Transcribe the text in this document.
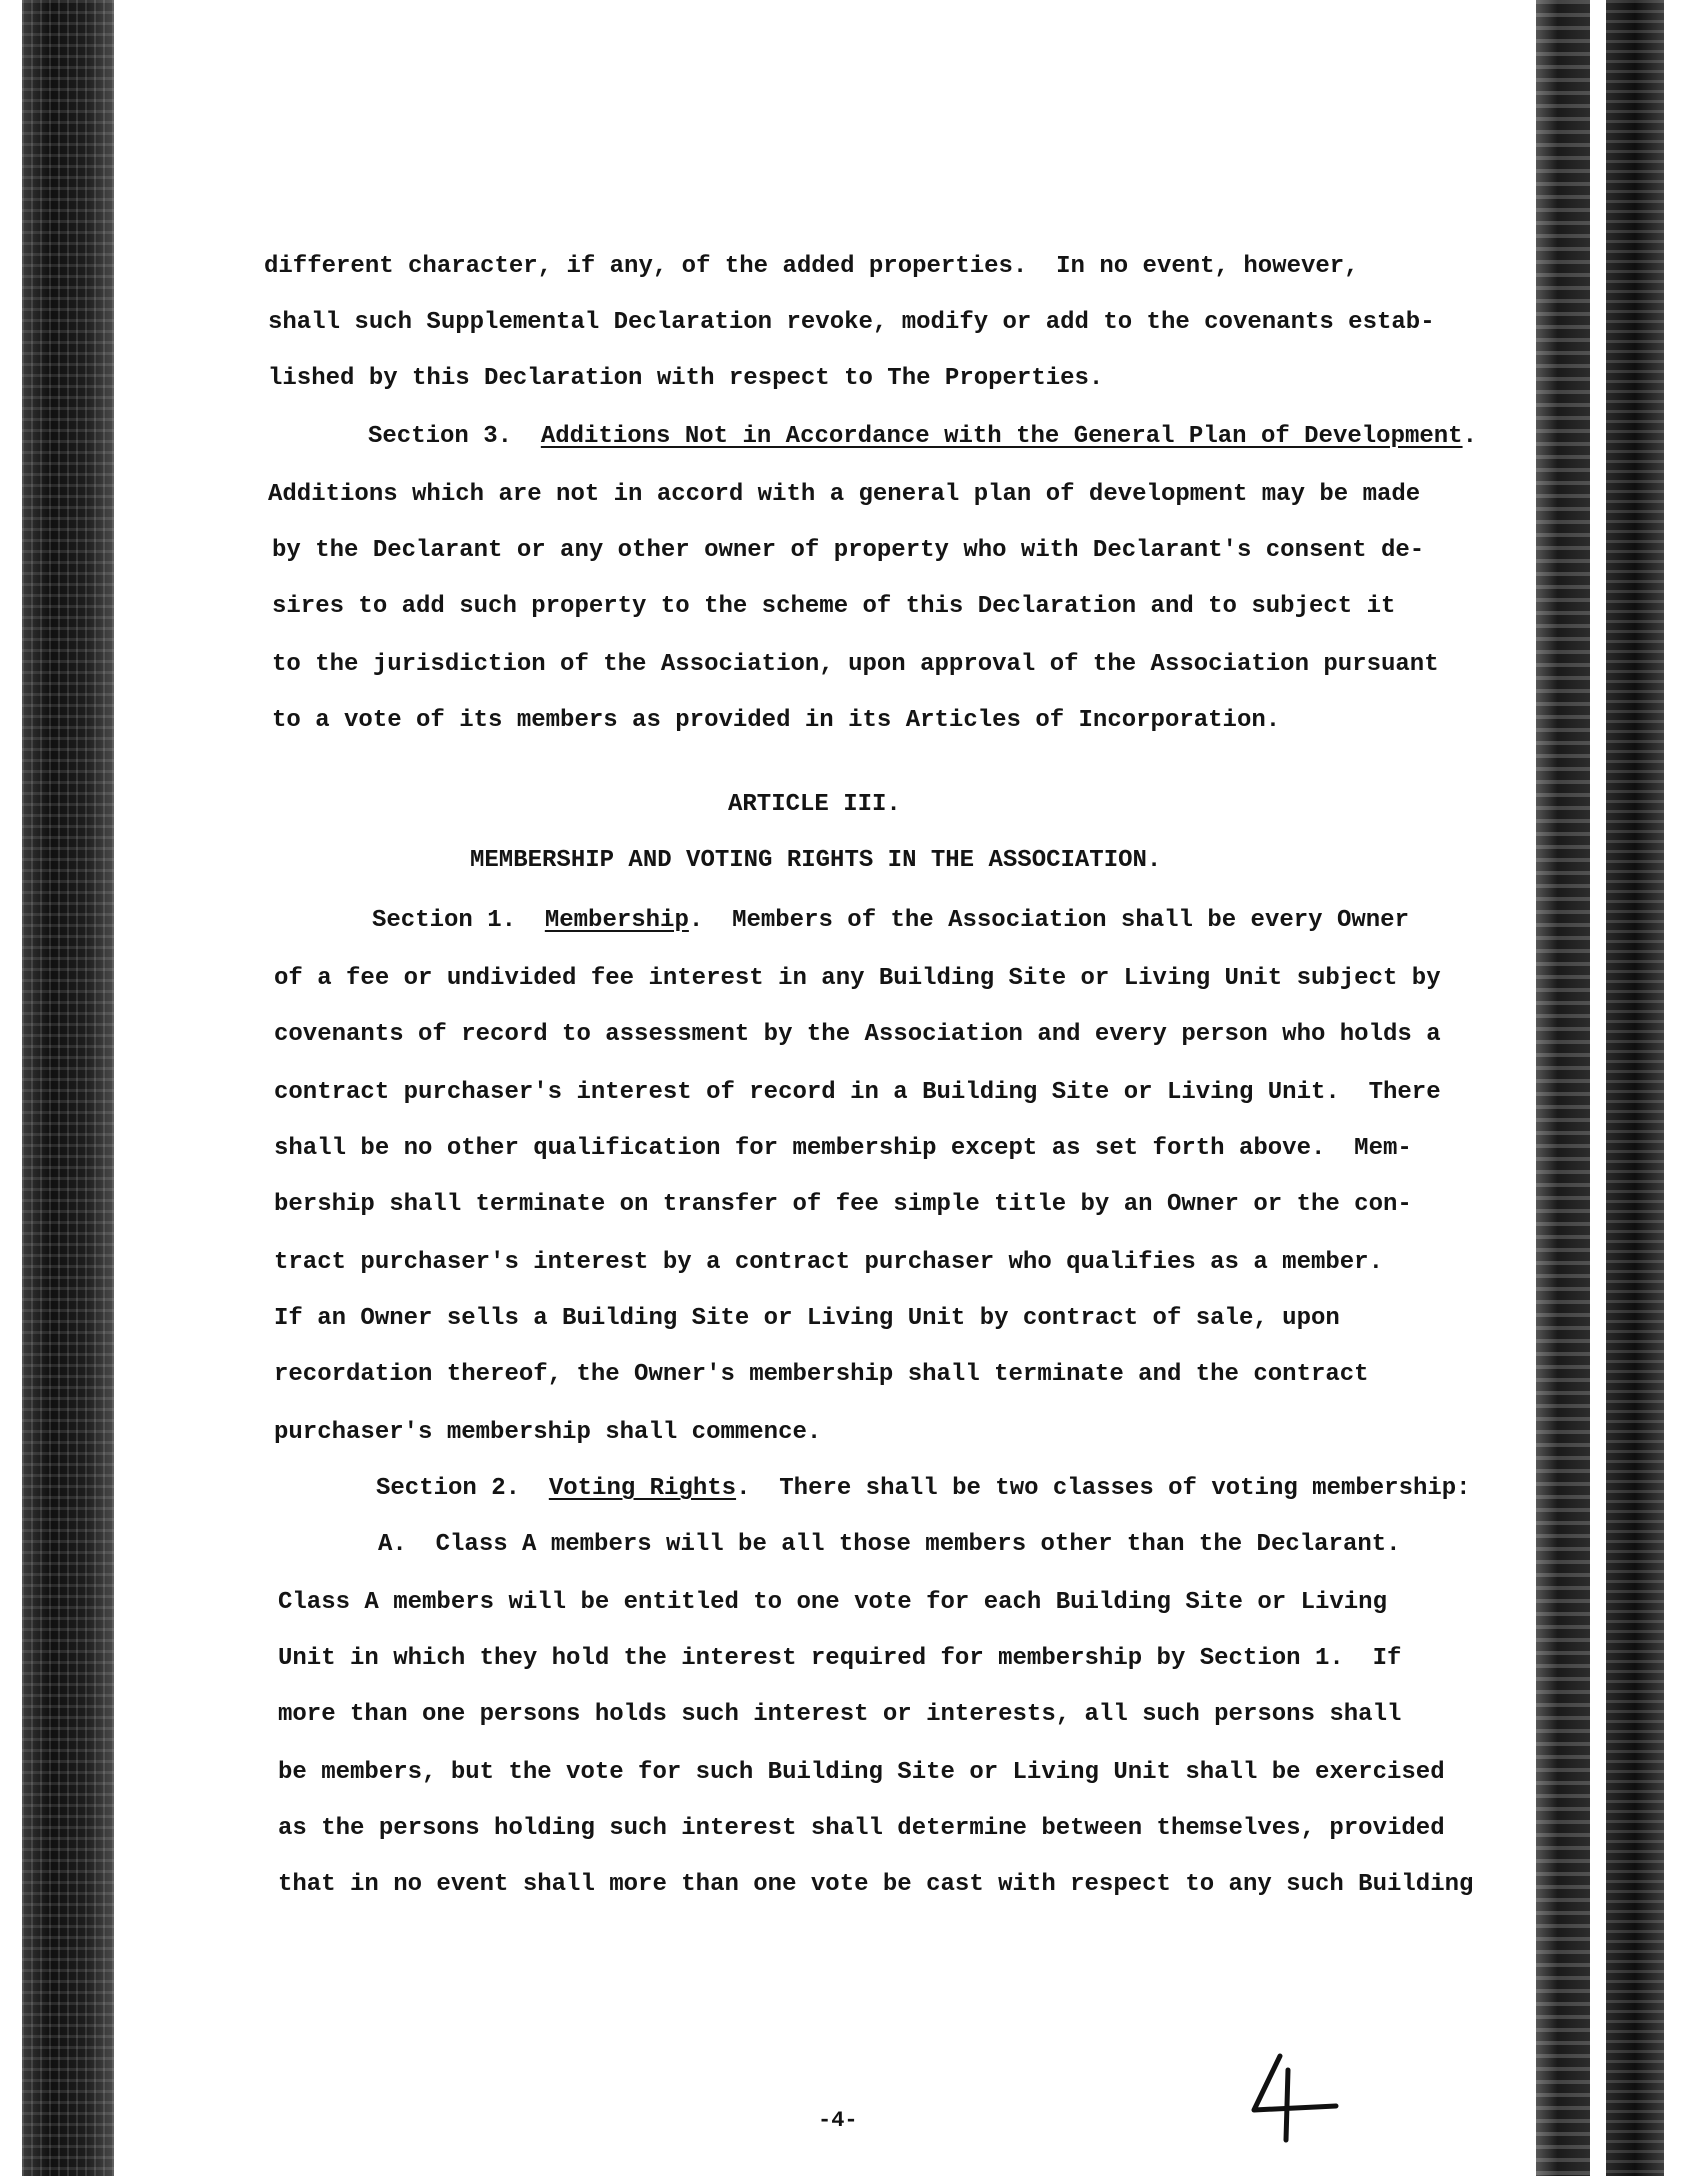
different character, if any, of the added properties.  In no event, however,
shall such Supplemental Declaration revoke, modify or add to the covenants estab-
lished by this Declaration with respect to The Properties.
Section 3.  Additions Not in Accordance with the General Plan of Development.
Additions which are not in accord with a general plan of development may be made
by the Declarant or any other owner of property who with Declarant's consent de-
sires to add such property to the scheme of this Declaration and to subject it
to the jurisdiction of the Association, upon approval of the Association pursuant
to a vote of its members as provided in its Articles of Incorporation.
ARTICLE III.
MEMBERSHIP AND VOTING RIGHTS IN THE ASSOCIATION.
Section 1.  Membership.  Members of the Association shall be every Owner
of a fee or undivided fee interest in any Building Site or Living Unit subject by
covenants of record to assessment by the Association and every person who holds a
contract purchaser's interest of record in a Building Site or Living Unit.  There
shall be no other qualification for membership except as set forth above.  Mem-
bership shall terminate on transfer of fee simple title by an Owner or the con-
tract purchaser's interest by a contract purchaser who qualifies as a member.
If an Owner sells a Building Site or Living Unit by contract of sale, upon
recordation thereof, the Owner's membership shall terminate and the contract
purchaser's membership shall commence.
Section 2.  Voting Rights.  There shall be two classes of voting membership:
A.  Class A members will be all those members other than the Declarant.
Class A members will be entitled to one vote for each Building Site or Living
Unit in which they hold the interest required for membership by Section 1.  If
more than one persons holds such interest or interests, all such persons shall
be members, but the vote for such Building Site or Living Unit shall be exercised
as the persons holding such interest shall determine between themselves, provided
that in no event shall more than one vote be cast with respect to any such Building
-4-
